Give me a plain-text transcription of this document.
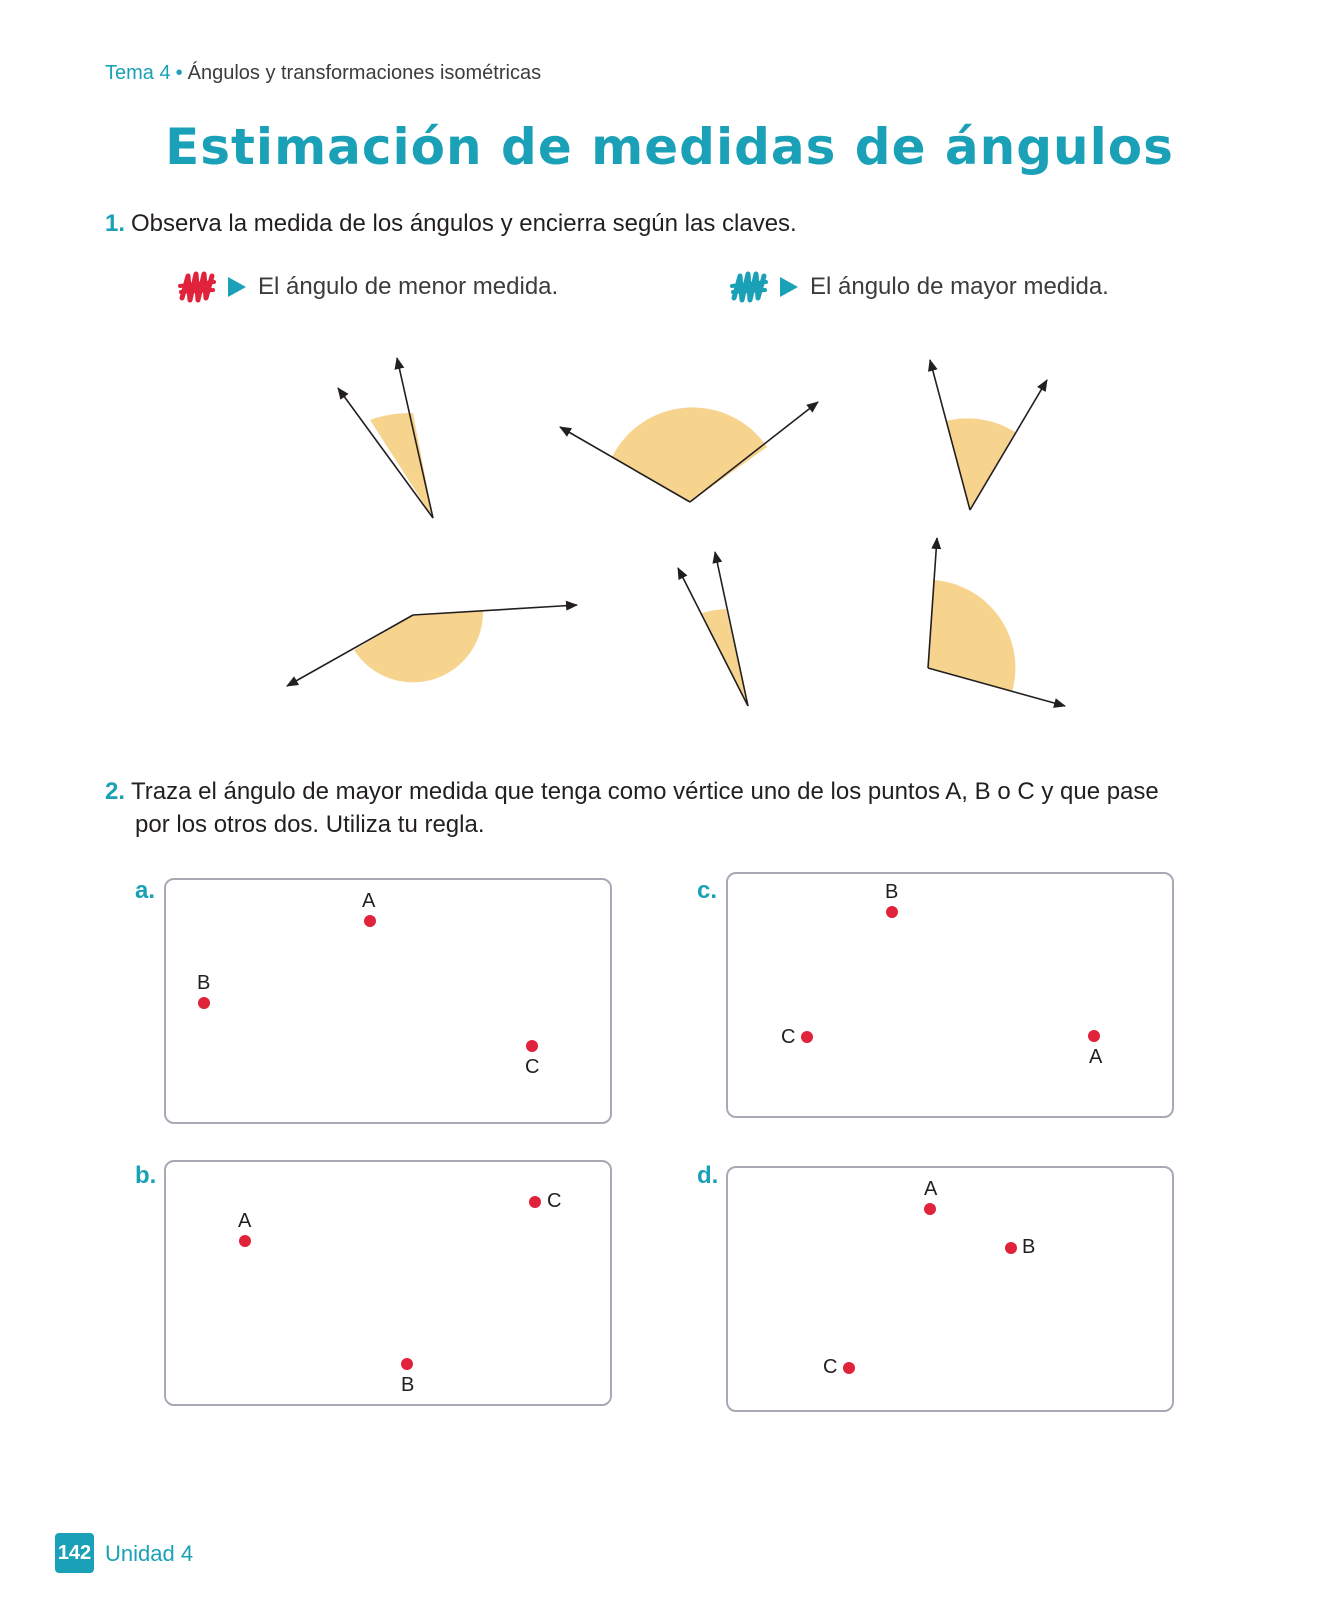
Tema 4 • Ángulos y transformaciones isométricas
Estimación de medidas de ángulos
1. Observa la medida de los ángulos y encierra según las claves.
El ángulo de menor medida.	El ángulo de mayor medida.
2. Traza el ángulo de mayor medida que tenga como vértice uno de los puntos A, B o C y que pase
por los otros dos. Utiliza tu regla.
a.	A
B
C
b.
A
B
C
c.
A
B
C
d.	A
B
C
142 Unidad 4
